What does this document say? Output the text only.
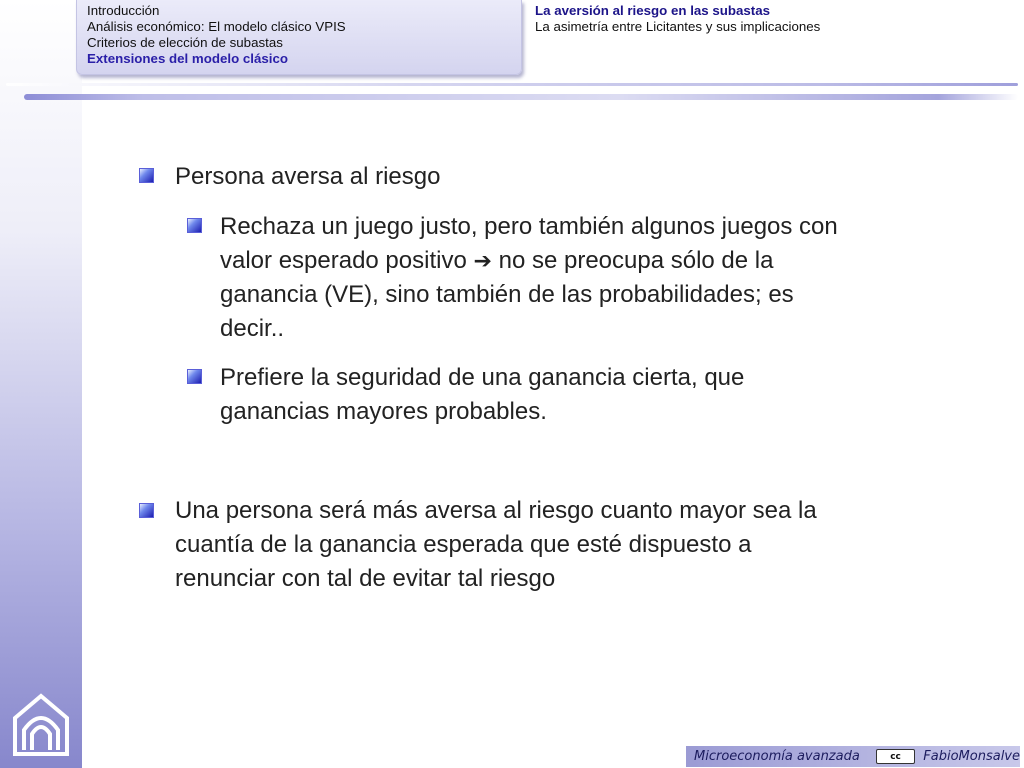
Introducción
Análisis económico: El modelo clásico VPIS
Criterios de elección de subastas
Extensiones del modelo clásico
La aversión al riesgo en las subastas
La asimetría entre Licitantes y sus implicaciones
Persona aversa al riesgo
Rechaza un juego justo, pero también algunos juegos con
valor esperado positivo ➔ no se preocupa sólo de la
ganancia (VE), sino también de las probabilidades; es
decir..
Prefiere la seguridad de una ganancia cierta, que
ganancias mayores probables.
Una persona será más aversa al riesgo cuanto mayor sea la
cuantía de la ganancia esperada que esté dispuesto a
renunciar con tal de evitar tal riesgo
Microeconomía avanzada	cc FabioMonsalve
